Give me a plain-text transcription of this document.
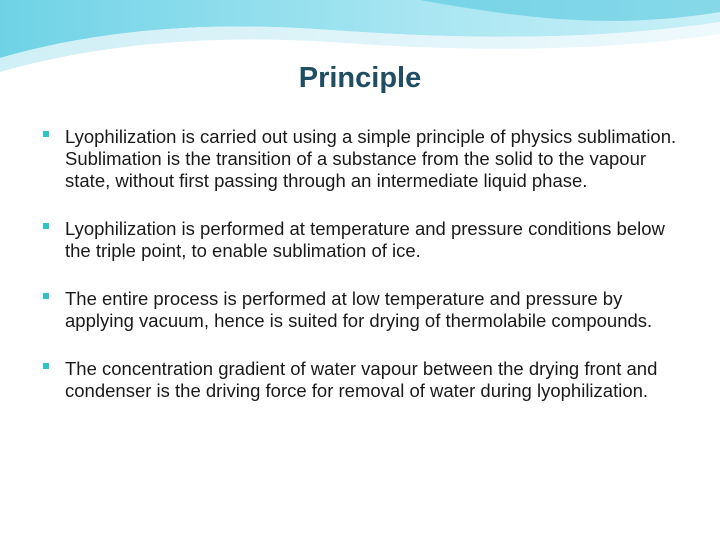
Principle
Lyophilization is carried out using a simple principle of physics sublimation. Sublimation is the transition of a substance from the solid to the vapour state, without first passing through an intermediate liquid phase.
Lyophilization is performed at temperature and pressure conditions below the triple point, to enable sublimation of ice.
The entire process is performed at low temperature and pressure by applying vacuum, hence is suited for drying of thermolabile compounds.
The concentration gradient of water vapour between the drying front and condenser is the driving force for removal of water during lyophilization.
